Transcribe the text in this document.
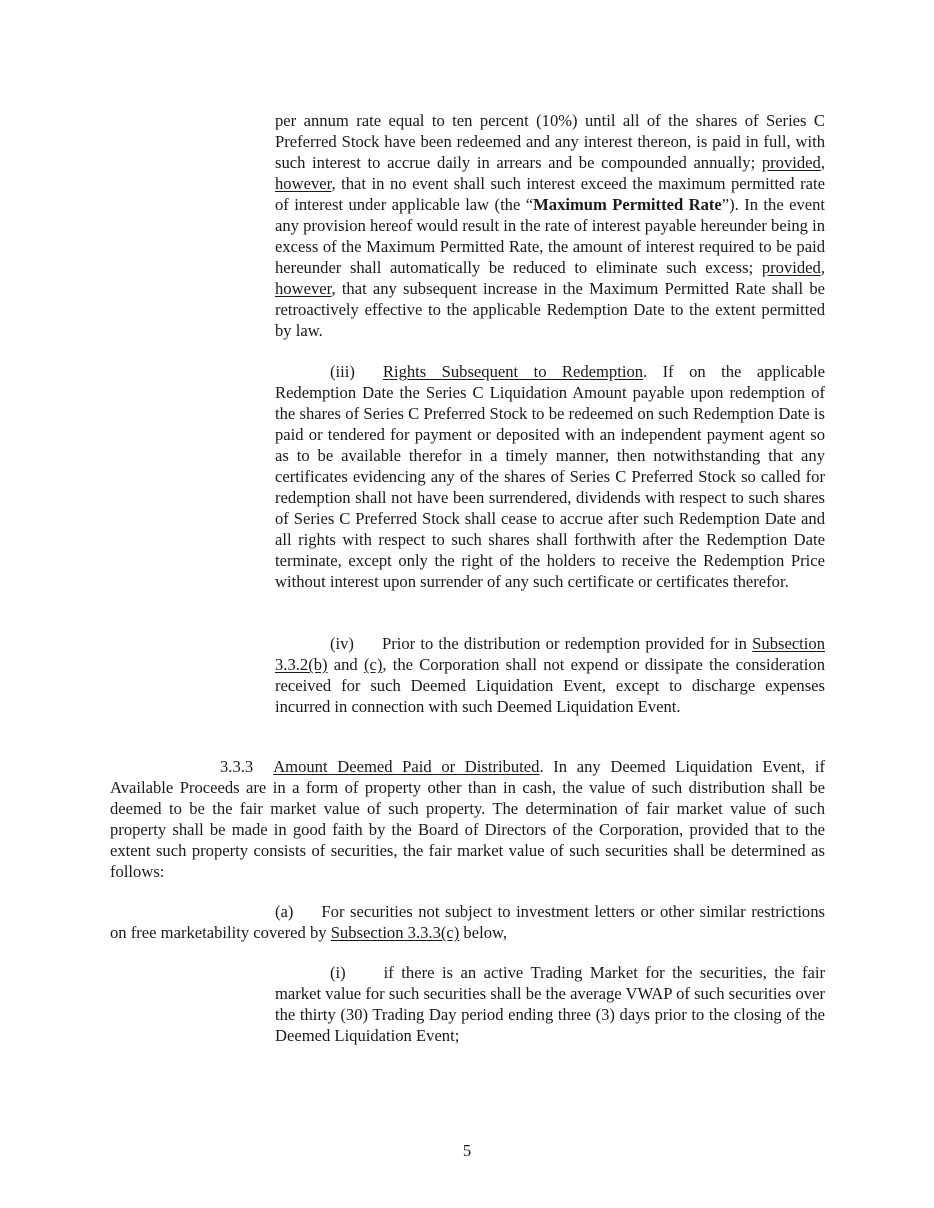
per annum rate equal to ten percent (10%) until all of the shares of Series C Preferred Stock have been redeemed and any interest thereon, is paid in full, with such interest to accrue daily in arrears and be compounded annually; provided, however, that in no event shall such interest exceed the maximum permitted rate of interest under applicable law (the “Maximum Permitted Rate”). In the event any provision hereof would result in the rate of interest payable hereunder being in excess of the Maximum Permitted Rate, the amount of interest required to be paid hereunder shall automatically be reduced to eliminate such excess; provided, however, that any subsequent increase in the Maximum Permitted Rate shall be retroactively effective to the applicable Redemption Date to the extent permitted by law.

(iii) Rights Subsequent to Redemption. If on the applicable Redemption Date the Series C Liquidation Amount payable upon redemption of the shares of Series C Preferred Stock to be redeemed on such Redemption Date is paid or tendered for payment or deposited with an independent payment agent so as to be available therefor in a timely manner, then notwithstanding that any certificates evidencing any of the shares of Series C Preferred Stock so called for redemption shall not have been surrendered, dividends with respect to such shares of Series C Preferred Stock shall cease to accrue after such Redemption Date and all rights with respect to such shares shall forthwith after the Redemption Date terminate, except only the right of the holders to receive the Redemption Price without interest upon surrender of any such certificate or certificates therefor.

(iv) Prior to the distribution or redemption provided for in Subsection 3.3.2(b) and (c), the Corporation shall not expend or dissipate the consideration received for such Deemed Liquidation Event, except to discharge expenses incurred in connection with such Deemed Liquidation Event.

3.3.3 Amount Deemed Paid or Distributed. In any Deemed Liquidation Event, if Available Proceeds are in a form of property other than in cash, the value of such distribution shall be deemed to be the fair market value of such property. The determination of fair market value of such property shall be made in good faith by the Board of Directors of the Corporation, provided that to the extent such property consists of securities, the fair market value of such securities shall be determined as follows:

(a) For securities not subject to investment letters or other similar restrictions on free marketability covered by Subsection 3.3.3(c) below,

(i) if there is an active Trading Market for the securities, the fair market value for such securities shall be the average VWAP of such securities over the thirty (30) Trading Day period ending three (3) days prior to the closing of the Deemed Liquidation Event;

5
